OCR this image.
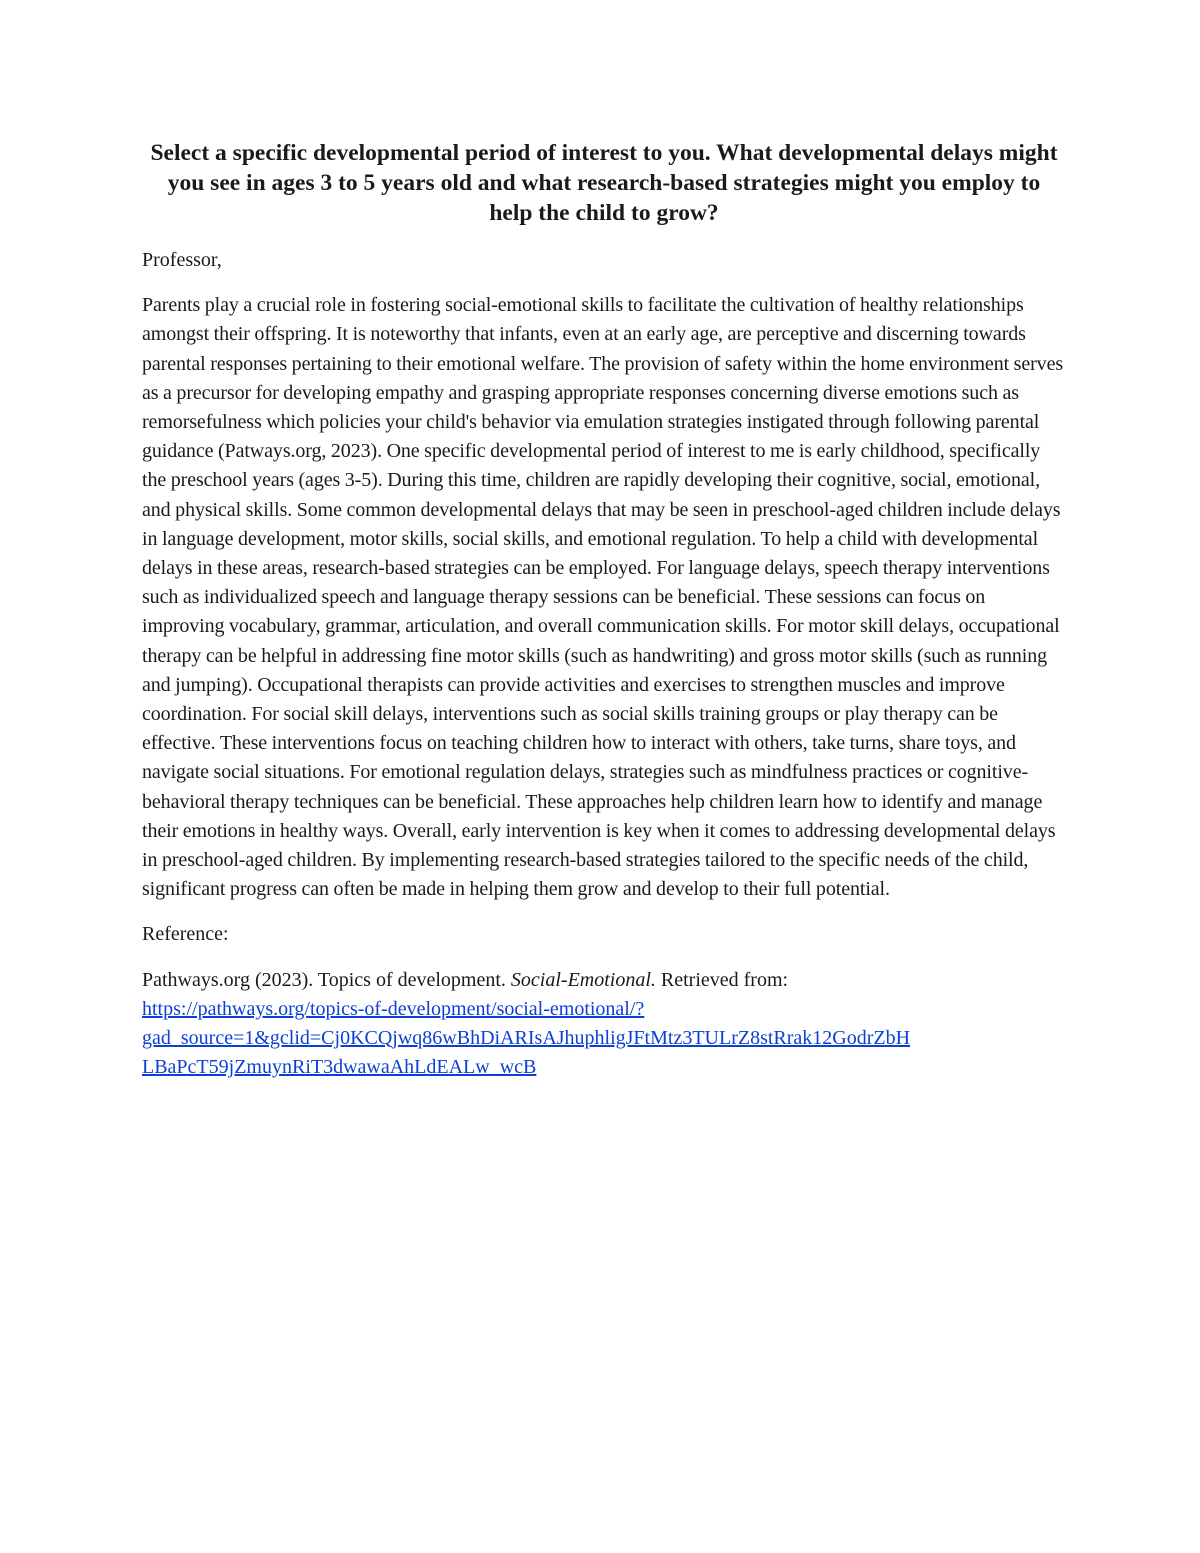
Select a specific developmental period of interest to you. What developmental delays might you see in ages 3 to 5 years old and what research-based strategies might you employ to help the child to grow?

Professor,

Parents play a crucial role in fostering social-emotional skills to facilitate the cultivation of healthy relationships amongst their offspring. It is noteworthy that infants, even at an early age, are perceptive and discerning towards parental responses pertaining to their emotional welfare. The provision of safety within the home environment serves as a precursor for developing empathy and grasping appropriate responses concerning diverse emotions such as remorsefulness which policies your child's behavior via emulation strategies instigated through following parental guidance (Patways.org, 2023). One specific developmental period of interest to me is early childhood, specifically the preschool years (ages 3-5). During this time, children are rapidly developing their cognitive, social, emotional, and physical skills. Some common developmental delays that may be seen in preschool-aged children include delays in language development, motor skills, social skills, and emotional regulation. To help a child with developmental delays in these areas, research-based strategies can be employed. For language delays, speech therapy interventions such as individualized speech and language therapy sessions can be beneficial. These sessions can focus on improving vocabulary, grammar, articulation, and overall communication skills. For motor skill delays, occupational therapy can be helpful in addressing fine motor skills (such as handwriting) and gross motor skills (such as running and jumping). Occupational therapists can provide activities and exercises to strengthen muscles and improve coordination. For social skill delays, interventions such as social skills training groups or play therapy can be effective. These interventions focus on teaching children how to interact with others, take turns, share toys, and navigate social situations. For emotional regulation delays, strategies such as mindfulness practices or cognitive-behavioral therapy techniques can be beneficial. These approaches help children learn how to identify and manage their emotions in healthy ways. Overall, early intervention is key when it comes to addressing developmental delays in preschool-aged children. By implementing research-based strategies tailored to the specific needs of the child, significant progress can often be made in helping them grow and develop to their full potential.

Reference:

Pathways.org (2023). Topics of development. Social-Emotional. Retrieved from:
https://pathways.org/topics-of-development/social-emotional/?
gad_source=1&gclid=Cj0KCQjwq86wBhDiARIsAJhuphligJFtMtz3TULrZ8stRrak12GodrZbH
LBaPcT59jZmuynRiT3dwawaAhLdEALw_wcB
